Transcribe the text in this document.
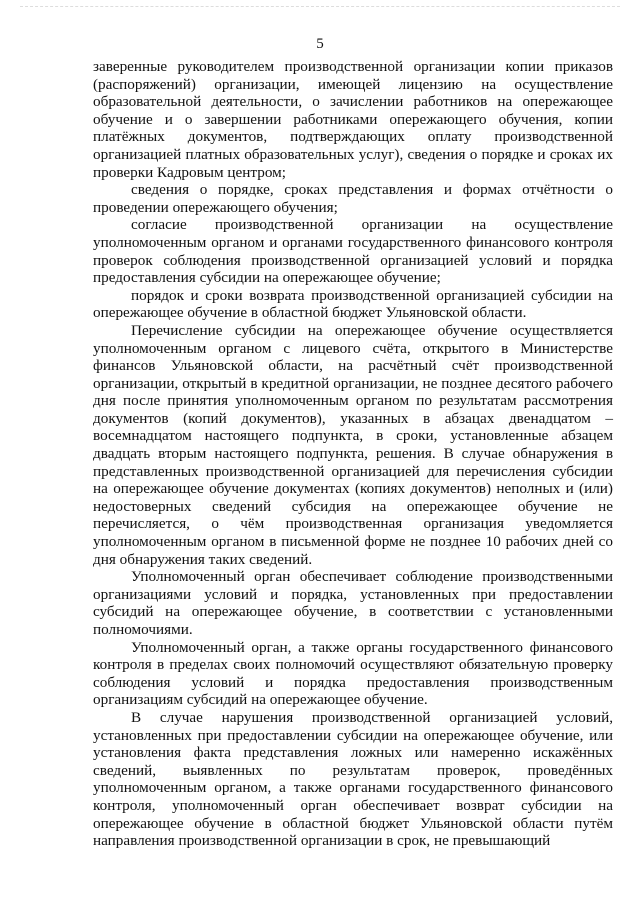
5

заверенные руководителем производственной организации копии приказов (распоряжений) организации, имеющей лицензию на осуществление образовательной деятельности, о зачислении работников на опережающее обучение и о завершении работниками опережающего обучения, копии платёжных документов, подтверждающих оплату производственной организацией платных образовательных услуг), сведения о порядке и сроках их проверки Кадровым центром;

сведения о порядке, сроках представления и формах отчётности о проведении опережающего обучения;

согласие производственной организации на осуществление уполномоченным органом и органами государственного финансового контроля проверок соблюдения производственной организацией условий и порядка предоставления субсидии на опережающее обучение;

порядок и сроки возврата производственной организацией субсидии на опережающее обучение в областной бюджет Ульяновской области.

Перечисление субсидии на опережающее обучение осуществляется уполномоченным органом с лицевого счёта, открытого в Министерстве финансов Ульяновской области, на расчётный счёт производственной организации, открытый в кредитной организации, не позднее десятого рабочего дня после принятия уполномоченным органом по результатам рассмотрения документов (копий документов), указанных в абзацах двенадцатом – восемнадцатом настоящего подпункта, в сроки, установленные абзацем двадцать вторым настоящего подпункта, решения. В случае обнаружения в представленных производственной организацией для перечисления субсидии на опережающее обучение документах (копиях документов) неполных и (или) недостоверных сведений субсидия на опережающее обучение не перечисляется, о чём производственная организация уведомляется уполномоченным органом в письменной форме не позднее 10 рабочих дней со дня обнаружения таких сведений.

Уполномоченный орган обеспечивает соблюдение производственными организациями условий и порядка, установленных при предоставлении субсидий на опережающее обучение, в соответствии с установленными полномочиями.

Уполномоченный орган, а также органы государственного финансового контроля в пределах своих полномочий осуществляют обязательную проверку соблюдения условий и порядка предоставления производственным организациям субсидий на опережающее обучение.

В случае нарушения производственной организацией условий, установленных при предоставлении субсидии на опережающее обучение, или установления факта представления ложных или намеренно искажённых сведений, выявленных по результатам проверок, проведённых уполномоченным органом, а также органами государственного финансового контроля, уполномоченный орган обеспечивает возврат субсидии на опережающее обучение в областной бюджет Ульяновской области путём направления производственной организации в срок, не превышающий
